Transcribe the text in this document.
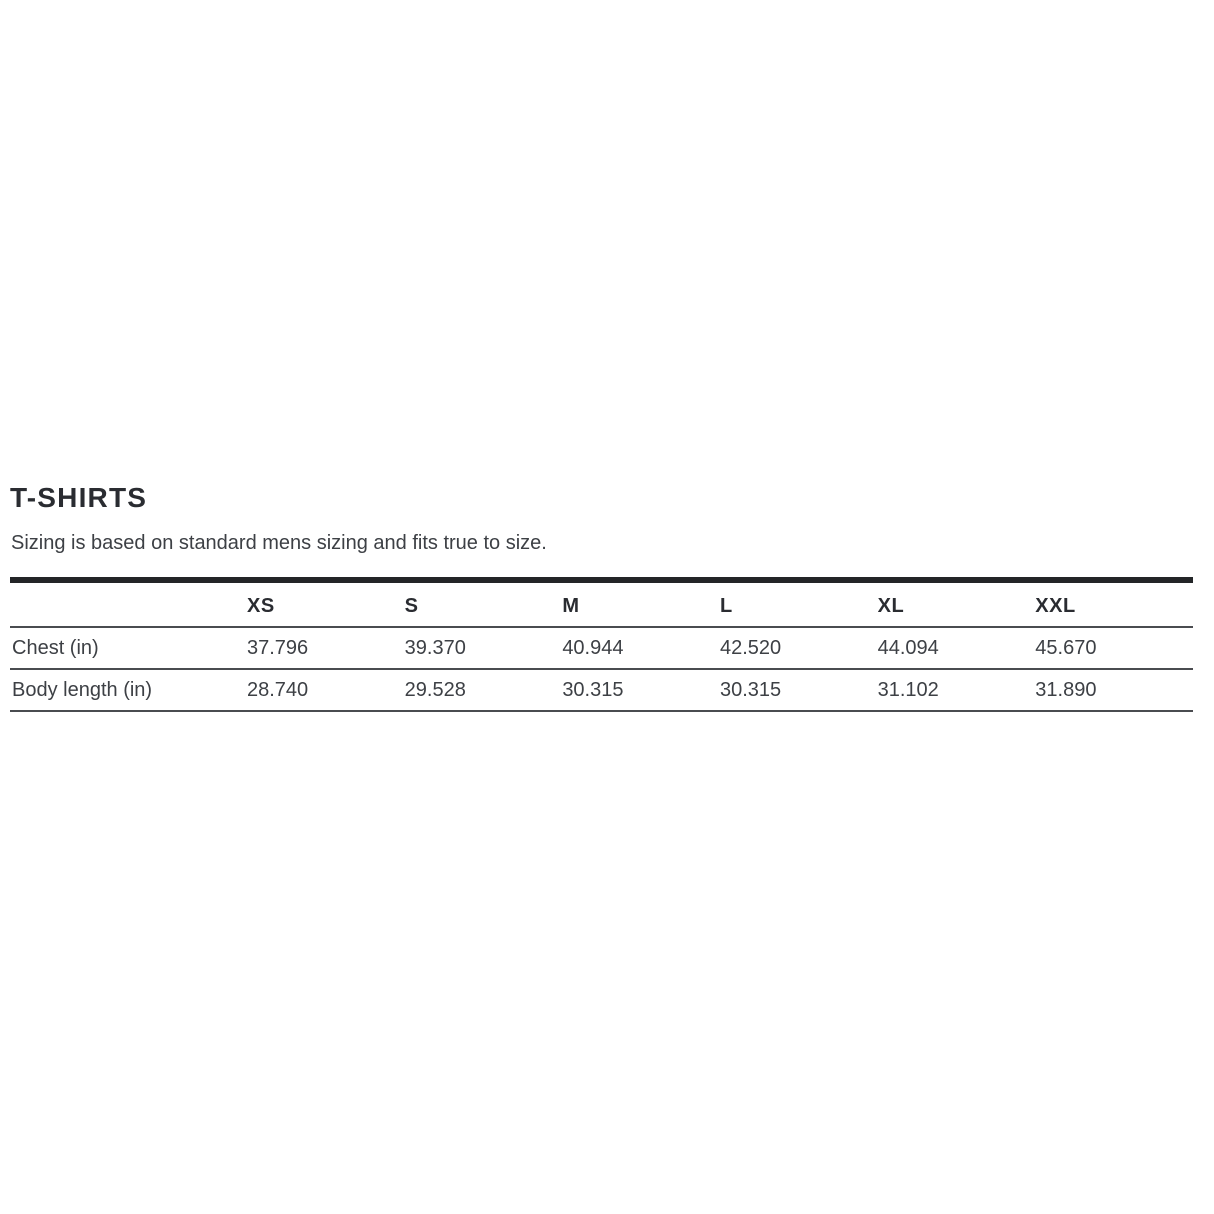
T-SHIRTS

Sizing is based on standard mens sizing and fits true to size.

	XS	S	M	L	XL	XXL
Chest (in)	37.796	39.370	40.944	42.520	44.094	45.670
Body length (in)	28.740	29.528	30.315	30.315	31.102	31.890
